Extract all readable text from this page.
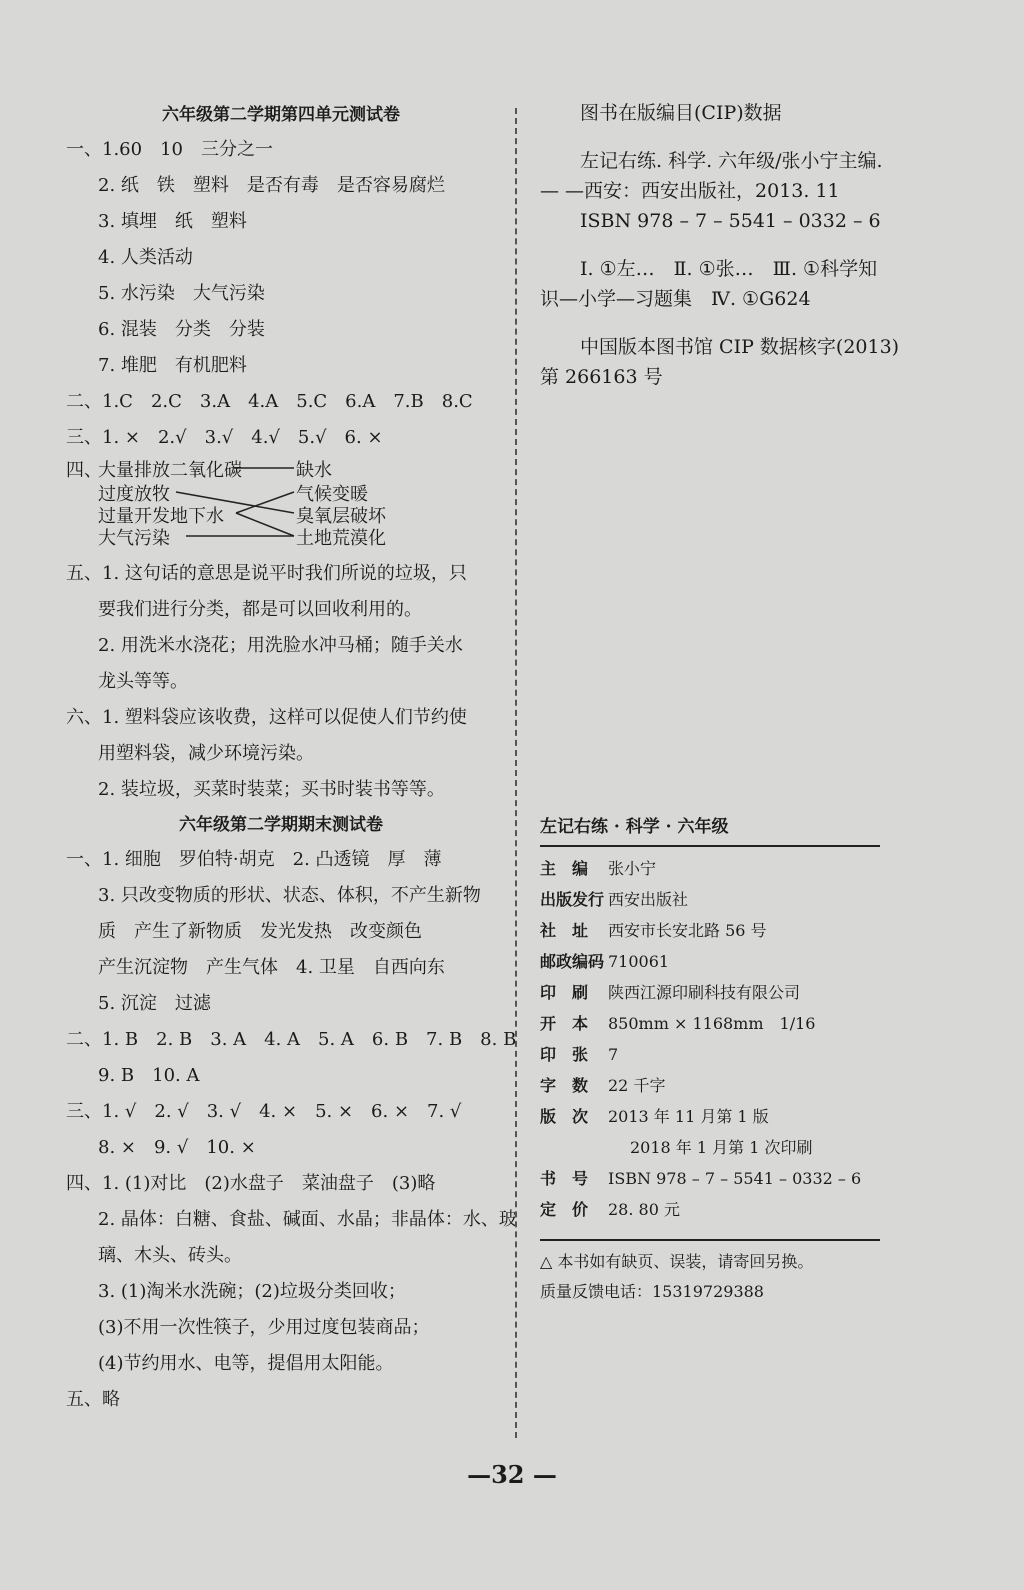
六年级第二学期第四单元测试卷
一、1.60　10　三分之一
2. 纸　铁　塑料　是否有毒　是否容易腐烂
3. 填埋　纸　塑料
4. 人类活动
5. 水污染　大气污染
6. 混装　分类　分装
7. 堆肥　有机肥料
二、1.C　2.C　3.A　4.A　5.C　6.A　7.B　8.C
三、1. ×　2.√　3.√　4.√　5.√　6. ×
四、
大量排放二氧化碳
过度放牧
过量开发地下水
大气污染
缺水
气候变暖
臭氧层破坏
土地荒漠化
五、1. 这句话的意思是说平时我们所说的垃圾，只
要我们进行分类，都是可以回收利用的。
2. 用洗米水浇花；用洗脸水冲马桶；随手关水
龙头等等。
六、1. 塑料袋应该收费，这样可以促使人们节约使
用塑料袋，减少环境污染。
2. 装垃圾，买菜时装菜；买书时装书等等。
六年级第二学期期末测试卷
一、1. 细胞　罗伯特·胡克　2. 凸透镜　厚　薄
3. 只改变物质的形状、状态、体积，不产生新物
质　产生了新物质　发光发热　改变颜色
产生沉淀物　产生气体　4. 卫星　自西向东
5. 沉淀　过滤
二、1. B　2. B　3. A　4. A　5. A　6. B　7. B　8. B
9. B　10. A
三、1. √　2. √　3. √　4. ×　5. ×　6. ×　7. √
8. ×　9. √　10. ×
四、1. (1)对比　(2)水盘子　菜油盘子　(3)略
2. 晶体：白糖、食盐、碱面、水晶；非晶体：水、玻
璃、木头、砖头。
3. (1)淘米水洗碗；(2)垃圾分类回收；
(3)不用一次性筷子，少用过度包装商品；
(4)节约用水、电等，提倡用太阳能。
五、略
图书在版编目(CIP)数据
左记右练. 科学. 六年级/张小宁主编.
— —西安：西安出版社，2013. 11
ISBN 978 – 7 – 5541 – 0332 – 6
Ⅰ. ①左…　Ⅱ. ①张…　Ⅲ. ①科学知
识—小学—习题集　Ⅳ. ①G624
中国版本图书馆 CIP 数据核字(2013)
第 266163 号
左记右练 · 科学 · 六年级
主　编	张小宁
出版发行 西安出版社
社　址	西安市长安北路 56 号
邮政编码 710061
印　刷	陕西江源印刷科技有限公司
开　本	850mm × 1168mm　1/16
印　张	7
字　数	22 千字
版　次	2013 年 11 月第 1 版
2018 年 1 月第 1 次印刷
书　号	ISBN 978 – 7 – 5541 – 0332 – 6
定　价	28. 80 元
△ 本书如有缺页、误装，请寄回另换。
质量反馈电话：15319729388
—32 —
